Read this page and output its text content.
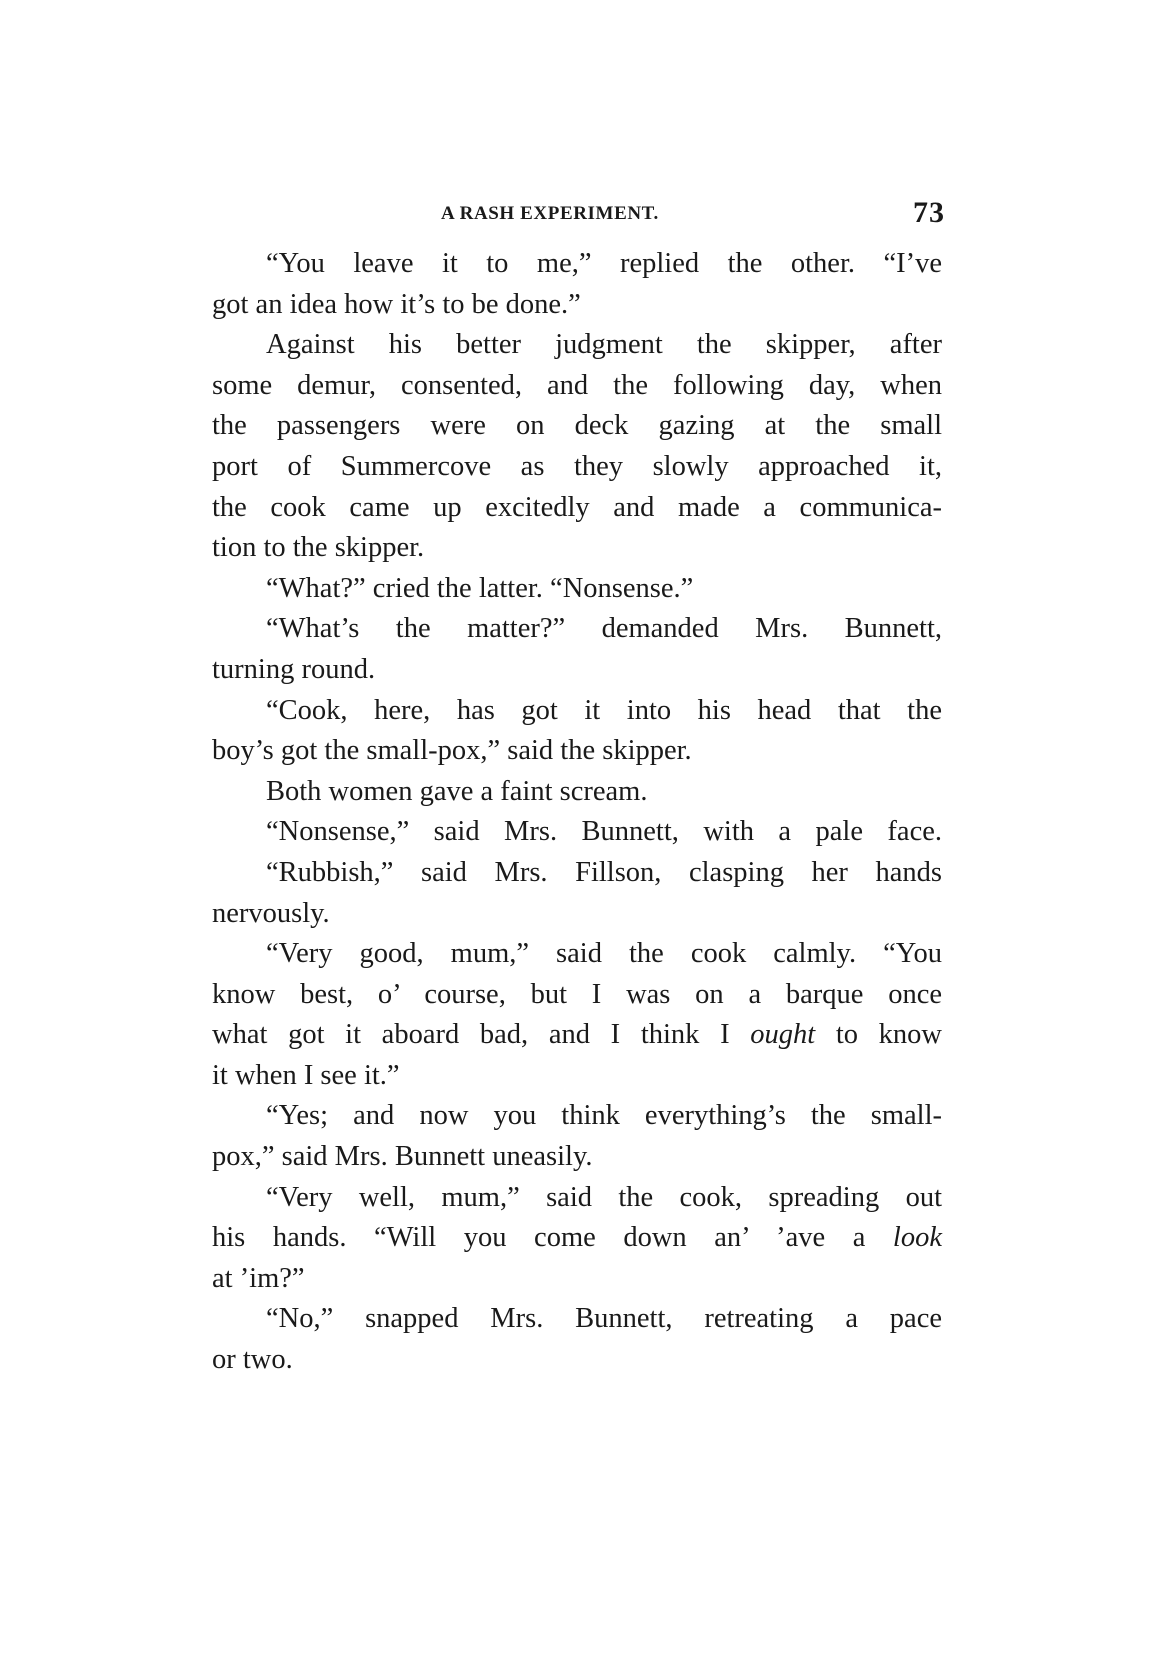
A RASH EXPERIMENT.	73
“You leave it to me,” replied the other. “I’ve
got an idea how it’s to be done.”
Against his better judgment the skipper, after
some demur, consented, and the following day, when
the passengers were on deck gazing at the small
port of Summercove as they slowly approached it,
the cook came up excitedly and made a communica-
tion to the skipper.
“What?” cried the latter. “Nonsense.”
“What’s the matter?” demanded Mrs. Bunnett,
turning round.
“Cook, here, has got it into his head that the
boy’s got the small-pox,” said the skipper.
Both women gave a faint scream.
“Nonsense,” said Mrs. Bunnett, with a pale face.
“Rubbish,” said Mrs. Fillson, clasping her hands
nervously.
“Very good, mum,” said the cook calmly. “You
know best, o’ course, but I was on a barque once
what got it aboard bad, and I think I ought to know
it when I see it.”
“Yes; and now you think everything’s the small-
pox,” said Mrs. Bunnett uneasily.
“Very well, mum,” said the cook, spreading out
his hands. “Will you come down an’ ’ave a look
at ’im?”
“No,” snapped Mrs. Bunnett, retreating a pace
or two.
